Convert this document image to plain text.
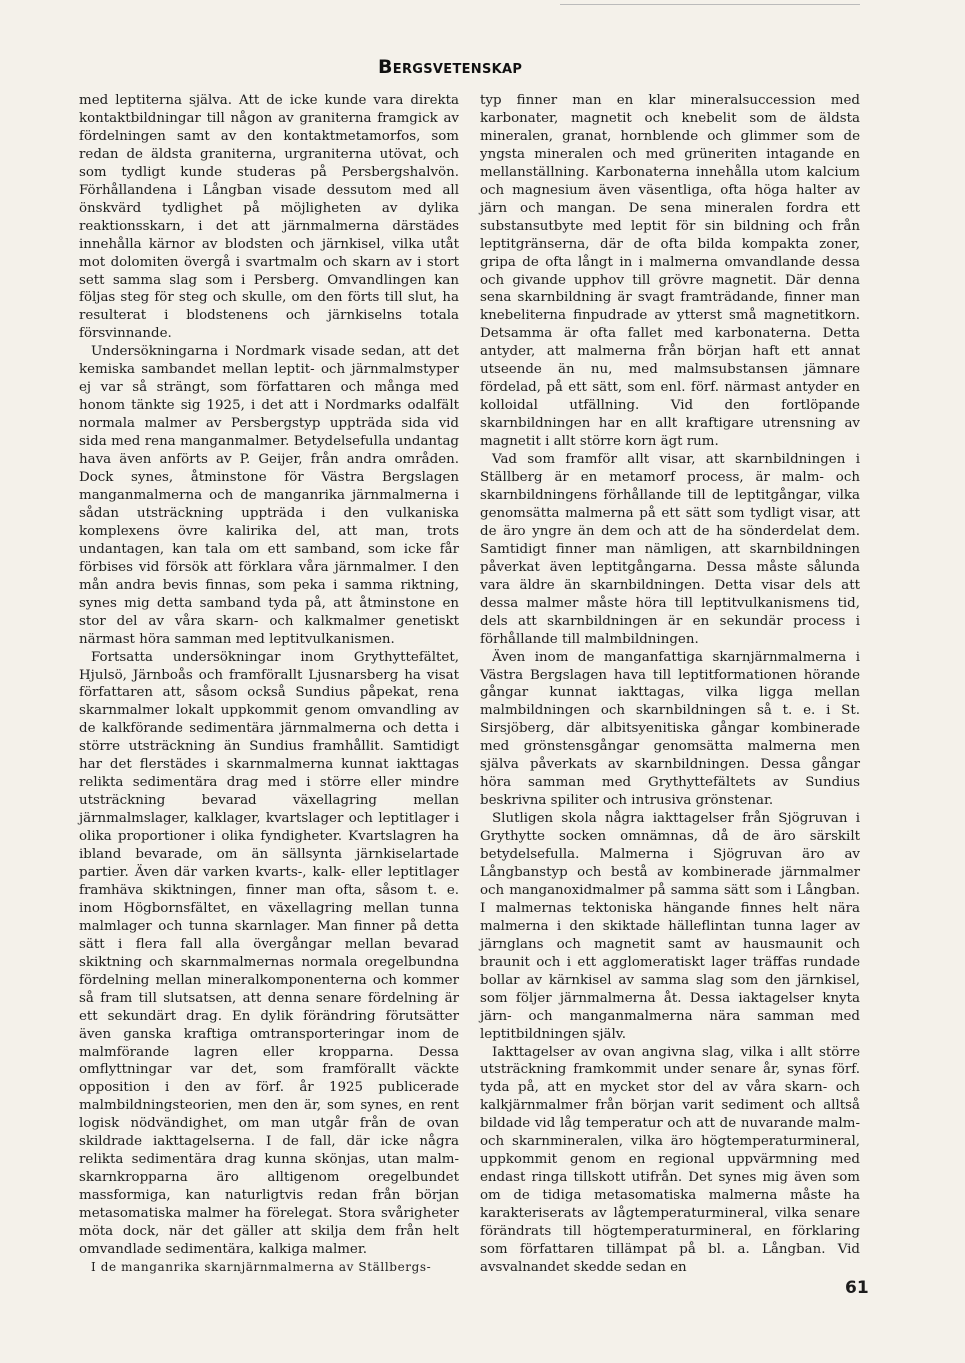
Bergsvetenskap

med leptiterna själva. Att de icke kunde vara direkta kontaktbildningar till någon av graniterna framgick av fördelningen samt av den kontaktmetamorfos, som redan de äldsta graniterna, urgraniterna utövat, och som tydligt kunde studeras på Persbergshalvön. Förhållandena i Långban visade dessutom med all önskvärd tydlighet på möjligheten av dylika reaktionsskarn, i det att järnmalmerna därstädes innehålla kärnor av blodsten och järnkisel, vilka utåt mot dolomiten övergå i svartmalm och skarn av i stort sett samma slag som i Persberg. Omvandlingen kan följas steg för steg och skulle, om den förts till slut, ha resulterat i blodstenens och järnkiselns totala försvinnande.

Undersökningarna i Nordmark visade sedan, att det kemiska sambandet mellan leptit- och järnmalmstyper ej var så strängt, som författaren och många med honom tänkte sig 1925, i det att i Nordmarks odalfält normala malmer av Persbergstyp uppträda sida vid sida med rena manganmalmer. Betydelsefulla undantag hava även anförts av P. Geijer, från andra områden. Dock synes, åtminstone för Västra Bergslagen manganmalmerna och de manganrika järnmalmerna i sådan utsträckning uppträda i den vulkaniska komplexens övre kalirika del, att man, trots undantagen, kan tala om ett samband, som icke får förbises vid försök att förklara våra järnmalmer. I den mån andra bevis finnas, som peka i samma riktning, synes mig detta samband tyda på, att åtminstone en stor del av våra skarn- och kalkmalmer genetiskt närmast höra samman med leptitvulkanismen.

Fortsatta undersökningar inom Grythyttefältet, Hjulsö, Järnboås och framförallt Ljusnarsberg ha visat författaren att, såsom också Sundius påpekat, rena skarnmalmer lokalt uppkommit genom omvandling av de kalkförande sedimentära järnmalmerna och detta i större utsträckning än Sundius framhållit. Samtidigt har det flerstädes i skarnmalmerna kunnat iakttagas relikta sedimentära drag med i större eller mindre utsträckning bevarad växellagring mellan järnmalmslager, kalklager, kvartslager och leptitlager i olika proportioner i olika fyndigheter. Kvartslagren ha ibland bevarade, om än sällsynta järnkiselartade partier. Även där varken kvarts-, kalk- eller leptitlager framhäva skiktningen, finner man ofta, såsom t. e. inom Högbornsfältet, en växellagring mellan tunna malmlager och tunna skarnlager. Man finner på detta sätt i flera fall alla övergångar mellan bevarad skiktning och skarnmalmernas normala oregelbundna fördelning mellan mineralkomponenterna och kommer så fram till slutsatsen, att denna senare fördelning är ett sekundärt drag. En dylik förändring förutsätter även ganska kraftiga omtransporteringar inom de malmförande lagren eller kropparna. Dessa omflyttningar var det, som framförallt väckte opposition i den av förf. år 1925 publicerade malmbildningsteorien, men den är, som synes, en rent logisk nödvändighet, om man utgår från de ovan skildrade iakttagelserna. I de fall, där icke några relikta sedimentära drag kunna skönjas, utan malm-skarnkropparna äro alltigenom oregelbundet massformiga, kan naturligtvis redan från början metasomatiska malmer ha förelegat. Stora svårigheter möta dock, när det gäller att skilja dem från helt omvandlade sedimentära, kalkiga malmer.

I de manganrika skarnjärnmalmerna av Ställbergs-

typ finner man en klar mineralsuccession med karbonater, magnetit och knebelit som de äldsta mineralen, granat, hornblende och glimmer som de yngsta mineralen och med grüneriten intagande en mellanställning. Karbonaterna innehålla utom kalcium och magnesium även väsentliga, ofta höga halter av järn och mangan. De sena mineralen fordra ett substansutbyte med leptit för sin bildning och från leptitgränserna, där de ofta bilda kompakta zoner, gripa de ofta långt in i malmerna omvandlande dessa och givande upphov till grövre magnetit. Där denna sena skarnbildning är svagt framträdande, finner man knebeliterna finpudrade av ytterst små magnetitkorn. Detsamma är ofta fallet med karbonaterna. Detta antyder, att malmerna från början haft ett annat utseende än nu, med malmsubstansen jämnare fördelad, på ett sätt, som enl. förf. närmast antyder en kolloidal utfällning. Vid den fortlöpande skarnbildningen har en allt kraftigare utrensning av magnetit i allt större korn ägt rum.

Vad som framför allt visar, att skarnbildningen i Ställberg är en metamorf process, är malm- och skarnbildningens förhållande till de leptitgångar, vilka genomsätta malmerna på ett sätt som tydligt visar, att de äro yngre än dem och att de ha sönderdelat dem. Samtidigt finner man nämligen, att skarnbildningen påverkat även leptitgångarna. Dessa måste sålunda vara äldre än skarnbildningen. Detta visar dels att dessa malmer måste höra till leptitvulkanismens tid, dels att skarnbildningen är en sekundär process i förhållande till malmbildningen.

Även inom de manganfattiga skarnjärnmalmerna i Västra Bergslagen hava till leptitformationen hörande gångar kunnat iakttagas, vilka ligga mellan malmbildningen och skarnbildningen så t. e. i St. Sirsjöberg, där albitsyenitiska gångar kombinerade med grönstensgångar genomsätta malmerna men själva påverkats av skarnbildningen. Dessa gångar höra samman med Grythyttefältets av Sundius beskrivna spiliter och intrusiva grönstenar.

Slutligen skola några iakttagelser från Sjögruvan i Grythytte socken omnämnas, då de äro särskilt betydelsefulla. Malmerna i Sjögruvan äro av Långbanstyp och bestå av kombinerade järnmalmer och manganoxidmalmer på samma sätt som i Långban. I malmernas tektoniska hängande finnes helt nära malmerna i den skiktade hälleflintan tunna lager av järnglans och magnetit samt av hausmaunit och braunit och i ett agglomeratiskt lager träffas rundade bollar av kärnkisel av samma slag som den järnkisel, som följer järnmalmerna åt. Dessa iaktagelser knyta järn- och manganmalmerna nära samman med leptitbildningen själv.

Iakttagelser av ovan angivna slag, vilka i allt större utsträckning framkommit under senare år, synas förf. tyda på, att en mycket stor del av våra skarn- och kalkjärnmalmer från början varit sediment och alltså bildade vid låg temperatur och att de nuvarande malm- och skarnmineralen, vilka äro högtemperaturmineral, uppkommit genom en regional uppvärmning med endast ringa tillskott utifrån. Det synes mig även som om de tidiga metasomatiska malmerna måste ha karakteriserats av lågtemperaturmineral, vilka senare förändrats till högtemperaturmineral, en förklaring som författaren tillämpat på bl. a. Långban. Vid avsvalnandet skedde sedan en

61
